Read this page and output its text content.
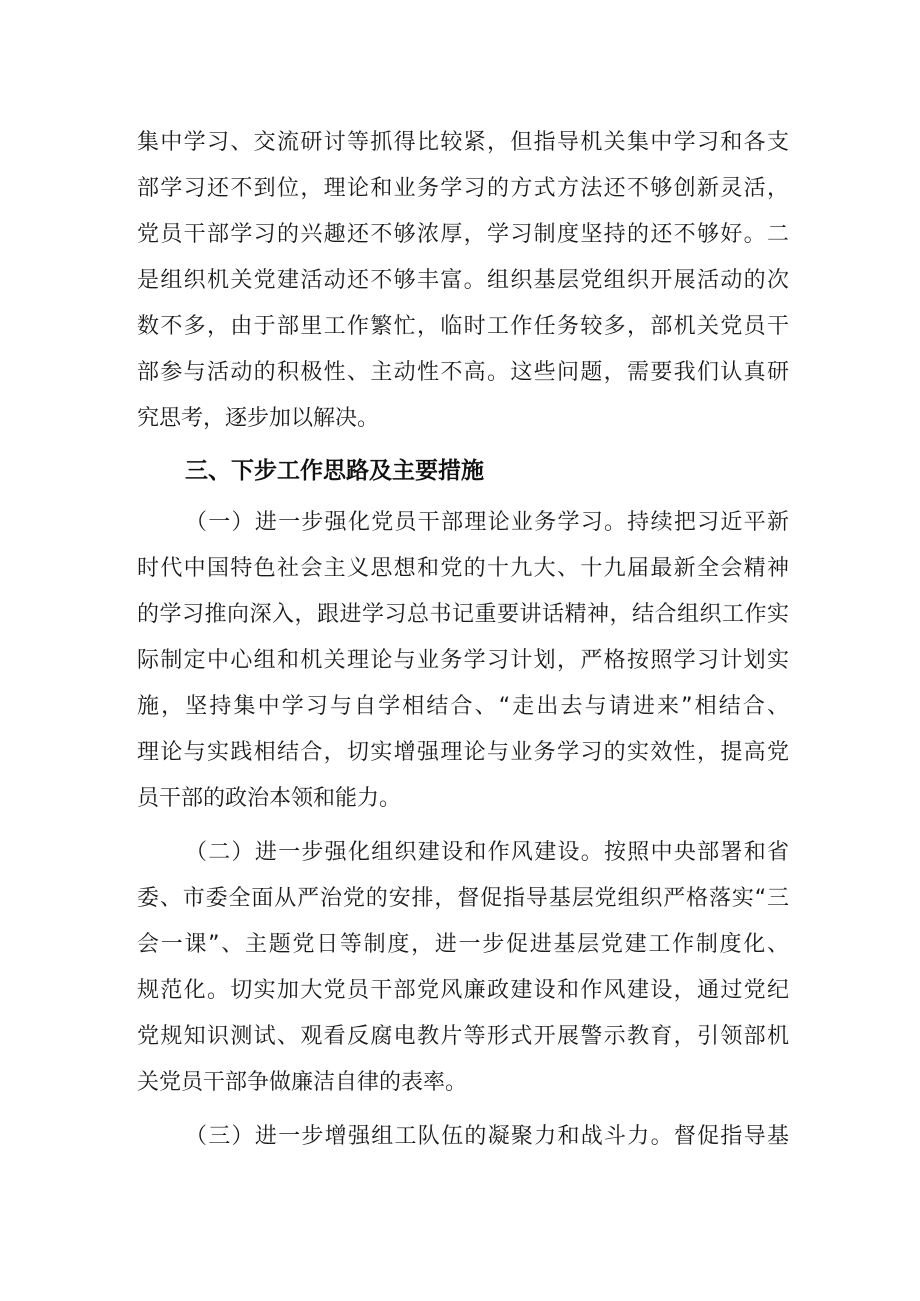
集中学习、交流研讨等抓得比较紧，但指导机关集中学习和各支
部学习还不到位，理论和业务学习的方式方法还不够创新灵活，
党员干部学习的兴趣还不够浓厚，学习制度坚持的还不够好。二
是组织机关党建活动还不够丰富。组织基层党组织开展活动的次
数不多，由于部里工作繁忙，临时工作任务较多，部机关党员干
部参与活动的积极性、主动性不高。这些问题，需要我们认真研
究思考，逐步加以解决。
三、下步工作思路及主要措施
（一）进一步强化党员干部理论业务学习。持续把习近平新
时代中国特色社会主义思想和党的十九大、十九届最新全会精神
的学习推向深入，跟进学习总书记重要讲话精神，结合组织工作实
际制定中心组和机关理论与业务学习计划，严格按照学习计划实
施，坚持集中学习与自学相结合、“走出去与请进来”相结合、
理论与实践相结合，切实增强理论与业务学习的实效性，提高党
员干部的政治本领和能力。
（二）进一步强化组织建设和作风建设。按照中央部署和省
委、市委全面从严治党的安排，督促指导基层党组织严格落实“三
会一课”、主题党日等制度，进一步促进基层党建工作制度化、
规范化。切实加大党员干部党风廉政建设和作风建设，通过党纪
党规知识测试、观看反腐电教片等形式开展警示教育，引领部机
关党员干部争做廉洁自律的表率。
（三）进一步增强组工队伍的凝聚力和战斗力。督促指导基
